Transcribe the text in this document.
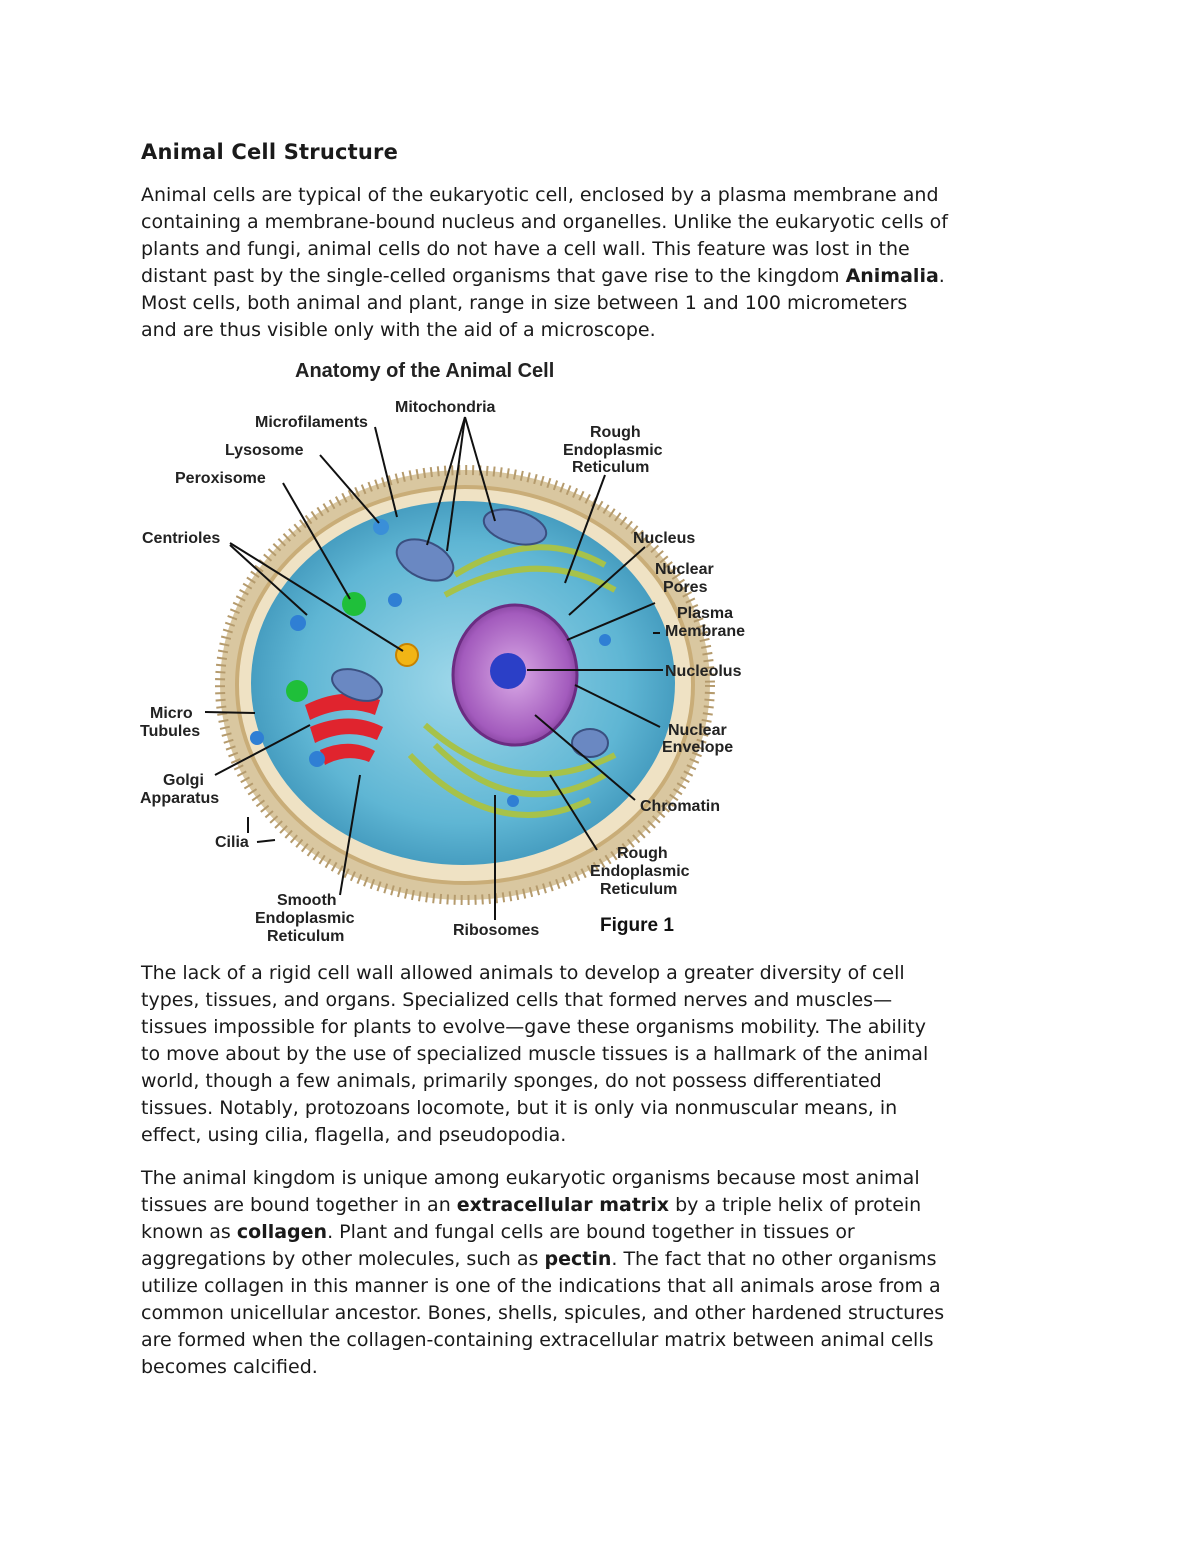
Animal Cell Structure

Animal cells are typical of the eukaryotic cell, enclosed by a plasma membrane and
containing a membrane-bound nucleus and organelles. Unlike the eukaryotic cells of
plants and fungi, animal cells do not have a cell wall. This feature was lost in the
distant past by the single-celled organisms that gave rise to the kingdom Animalia.
Most cells, both animal and plant, range in size between 1 and 100 micrometers
and are thus visible only with the aid of a microscope.

Anatomy of the Animal Cell
Microfilaments
Mitochondria
Lysosome
Peroxisome
Rough
Endoplasmic
Reticulum
Centrioles	Nucleus
Nuclear
Pores
Plasma
Membrane
Nucleolus
Micro
Tubules	Nuclear
Envelope
Golgi
Apparatus	Chromatin
Cilia
Rough
Endoplasmic
Reticulum
Smooth
Endoplasmic
Reticulum	Ribosomes	Figure 1

The lack of a rigid cell wall allowed animals to develop a greater diversity of cell
types, tissues, and organs. Specialized cells that formed nerves and muscles—
tissues impossible for plants to evolve—gave these organisms mobility. The ability
to move about by the use of specialized muscle tissues is a hallmark of the animal
world, though a few animals, primarily sponges, do not possess differentiated
tissues. Notably, protozoans locomote, but it is only via nonmuscular means, in
effect, using cilia, flagella, and pseudopodia.

The animal kingdom is unique among eukaryotic organisms because most animal
tissues are bound together in an extracellular matrix by a triple helix of protein
known as collagen. Plant and fungal cells are bound together in tissues or
aggregations by other molecules, such as pectin. The fact that no other organisms
utilize collagen in this manner is one of the indications that all animals arose from a
common unicellular ancestor. Bones, shells, spicules, and other hardened structures
are formed when the collagen-containing extracellular matrix between animal cells
becomes calcified.
